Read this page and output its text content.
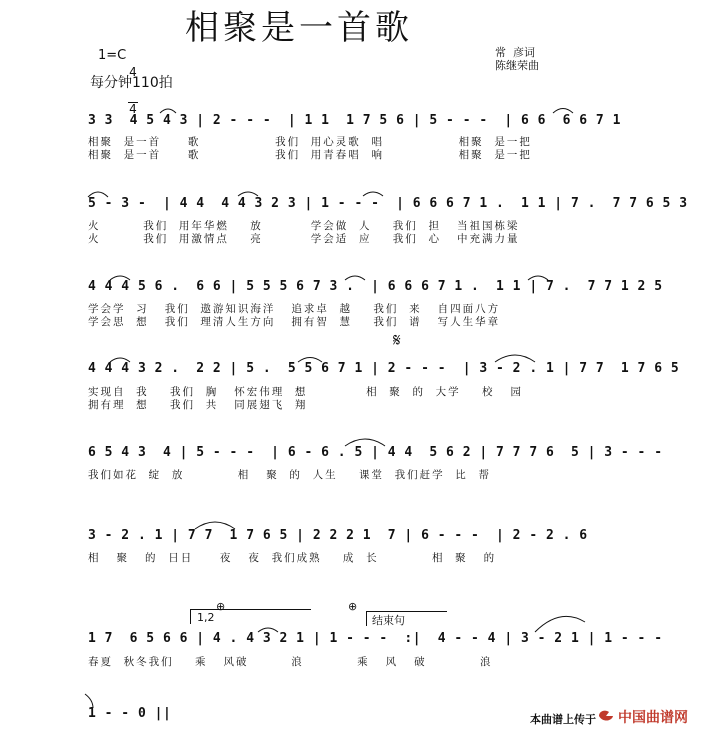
相聚是一首歌
1=C

$\frac{4}{4}$

每分钟110拍
常  彦词
陈继荣曲
3 3  4 5 4 3 | 2 - - -  | 1 1  1 7 5 6 | 5 - - -  | 6 6  6 6 7 1
相聚  是一首     歌              我们  用心灵歌  唱              相聚  是一把
相聚  是一首     歌              我们  用青春唱  响              相聚  是一把
5 - 3 -  | 4 4  4 4 3 2 3 | 1 - - -  | 6 6 6 7 1 .  1 1 | 7 .  7 7 6 5 3
火        我们  用年华燃    放         学会做  人    我们  担   当祖国栋梁
火        我们  用激情点    亮         学会适  应    我们  心   中充满力量
4 4 4 5 6 .  6 6 | 5 5 5 6 7 3 .  | 6 6 6 7 1 .  1 1 | 7 .  7 7 1 2 5
学会学  习   我们  遨游知识海洋   追求卓  越    我们  来   自四面八方
学会思  想   我们  理清人生方向   拥有智  慧    我们  谱   写人生华章
𝄋
4 4 4 3 2 .  2 2 | 5 .  5 5 6 7 1 | 2 - - -  | 3 - 2 . 1 | 7 7  1 7 6 5
实现自  我    我们  胸   怀宏伟理  想           相  聚  的  大学    校   园
拥有理  想    我们  共   同展翅飞  翔
6 5 4 3  4 | 5 - - -  | 6 - 6 . 5 | 4 4  5 6 2 | 7 7 7 6  5 | 3 - - -
我们如花  绽  放          相   聚  的  人生    课堂  我们赶学  比  帮
3 - 2 . 1 | 7 7  1 7 6 5 | 2 2 2 1  7 | 6 - - -  | 2 - 2 . 6
相   聚   的  日日     夜   夜  我们成熟    成  长          相  聚   的
1,2
⊕	⊕
结束句
1 7  6 5 6 6 | 4 . 4 3 2 1 | 1 - - -  :|  4 - - 4 | 3 - 2 1 | 1 - - -
春夏  秋冬我们    乘   风破        浪          乘   风   破          浪
1 - - 0 ||	本曲谱上传于 中国曲谱网
